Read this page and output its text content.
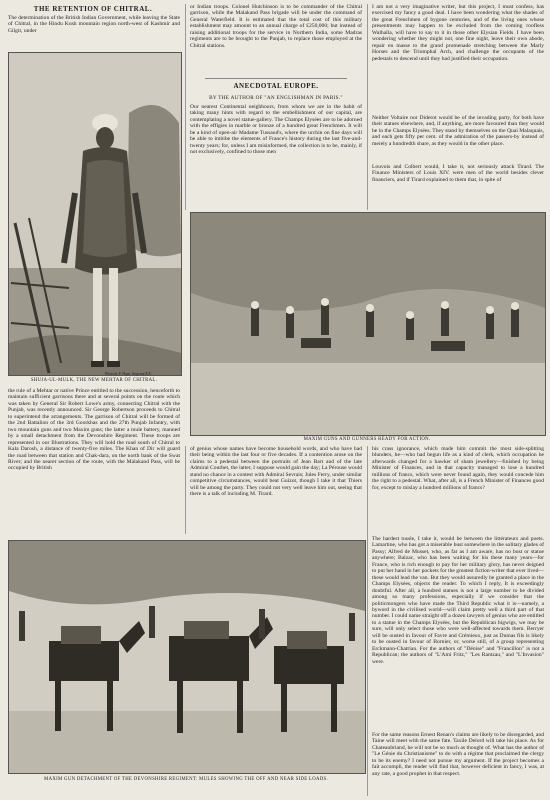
THE RETENTION OF CHITRAL.

The determination of the British Indian Government, while leaving the State of Chitral, in the Hindu Kush mountain region north-west of Kashmir and Gilgit, under

or Indian troops. Colonel Hutchinson is to be commander of the Chitral garrison, while the Malakand Pass brigade will be under the command of General Waterfield. It is estimated that the total cost of this military establishment may amount to an annual charge of £250,000; but instead of raising additional troops for the service in Northern India, some Madras regiments are to be brought to the Punjab, to replace those employed at the Chitral stations.

ANECDOTAL EUROPE.

BY THE AUTHOR OF "AN ENGLISHMAN IN PARIS."

Our nearest Continental neighbours, from whom we are in the habit of taking many hints with regard to the embellishment of our capital, are contemplating a novel statue-gallery. The Champs Elysées are to be adorned with the effigies in marble or bronze of a hundred great Frenchmen. It will be a kind of open-air Madame Tussaud's, where the urchin on fine days will be able to imbibe the elements of France's history during the last five-and-twenty years; for, unless I am misinformed, the collection is to be, mainly, if not exclusively, confined to those men

I am not a very imaginative writer, but this project, I must confess, has exercised my fancy a good deal. I have been wondering what the shades of the great Frenchmen of bygone centuries, and of the living ones whose presentments may happen to be excluded from the coming roofless Walhalla, will have to say to it in those other Elysian Fields. I have been wondering whether they might not, one fine night, leave their own abode, repair en masse to the grand promenade stretching between the Marly Horses and the Triumphal Arch, and challenge the occupants of the pedestals to descend until they had justified their occupation.

Neither Voltaire nor Diderot would be of the invading party, for both have their statues elsewhere, and, if anything, are more favoured than they would be in the Champs Elysées. They stand by themselves on the Quai Malaquais, and each gets fifty per cent. of the admiration of the passers-by instead of merely a hundredth share, as they would in the other place.

Louvois and Colbert would, I take it, not seriously attack Tirard. The Finance Ministers of Louis XIV. were men of the world besides clever financiers, and if Tirard explained to them that, in spite of

SHUJA-UL-MULK, THE NEW MEHTAR OF CHITRAL.

Photo by F. Hope, Sergeant R.E.

MAXIM GUNS AND GUNNERS READY FOR ACTION.

the rule of a Mehtar or native Prince entitled to the succession, henceforth to maintain sufficient garrisons there and at several points on the route which was taken by General Sir Robert Lowe's army, connecting Chitral with the Punjab, was recently announced. Sir George Robertson proceeds to Chitral to superintend the arrangements. The garrison of Chitral will be formed of the 2nd Battalion of the 3rd Goorkhas and the 27th Punjab Infantry, with two mountain guns and two Maxim guns; the latter a mule battery, manned by a small detachment from the Devonshire Regiment. These troops are represented in our Illustrations. They will hold the road south of Chitral to Kala Darosh, a distance of twenty-five miles. The Khan of Dir will guard the road between that station and Chak-dara, on the north bank of the Swat River; and the nearer section of the route, with the Malakand Pass, will be occupied by British

of genius whose names have become household words, and who have had their being within the last four or five decades. If a contention arose on the claims to a pedestal between the portraits of Jean Bart and of the late Admiral Courbet, the latter, I suppose would gain the day; La Pérouse would stand no chance in a contest with Admiral Sevrais; Jules Ferry, under similar competitive circumstances, would beat Guizot, though I take it that Thiers will be among the party. They could not very well leave him out, seeing that there is a talk of including M. Tirard.

his crass ignorance, which made him commit the most side-splitting blunders, he—who had begun life as a kind of clerk, which occupation he afterwards changed for a hawker of sham jewellery—finished by being Minister of Finances, and in that capacity managed to lose a hundred millions of francs, which were never found again, they would concede him the right to a pedestal. What, after all, is a French Minister of Finances good for, except to mislay a hundred millions of francs?

MAXIM GUN DETACHMENT OF THE DEVONSHIRE REGIMENT: MULES SHOWING THE OFF AND NEAR SIDE LOADS.

The hardest tussle, I take it, would be between the littérateurs and poets. Lamartine, who has got a miserable bust somewhere in the solitary glades of Passy; Alfred de Musset, who, as far as I am aware, has no bust or statue anywhere; Balzac, who has been waiting for his these many years—for France, who is rich enough to pay for her military glory, has never deigned to put her hand in her pockets for the greatest fiction-writer that ever lived—these would lead the van. But they would assuredly be granted a place in the Champs Elysées, objects the reader. To which I reply, It is exceedingly doubtful. After all, a hundred statues is not a large number to be divided among so many professions, especially if we consider that the politicmongers who have made the Third Republic what it is—namely, a byword in the civilised world—will claim pretty well a third part of that number. I could name straight off a dozen lawyers of genius who are entitled to a statue in the Champs Elysées, but the Republican bigwigs, we may be sure, will only select those who were well-affected towards them. Berryer will be ousted in favour of Favre and Crémieux, just as Dumas fils is likely to be ousted in favour of Bornier, or, worse still, of a group representing Erckmann-Chatrian. For the authors of "Dénise" and "Francillon" is not a Republican; the authors of "L'Ami Fritz," "Les Rantzau," and "L'Invasion" were.

For the same reasons Ernest Renan's claims are likely to be disregarded, and Taine will meet with the same fate. Taxile Delord will take his place. As for Chateaubriand, he will not be so much as thought of. What has the author of "Le Génie du Christianisme" to do with a régime that proclaimed the clergy to be its enemy? I need not pursue my argument. If the project becomes a fait accompli, the reader will find that, however deficient in fancy, I was, at any rate, a good prophet in that respect.
